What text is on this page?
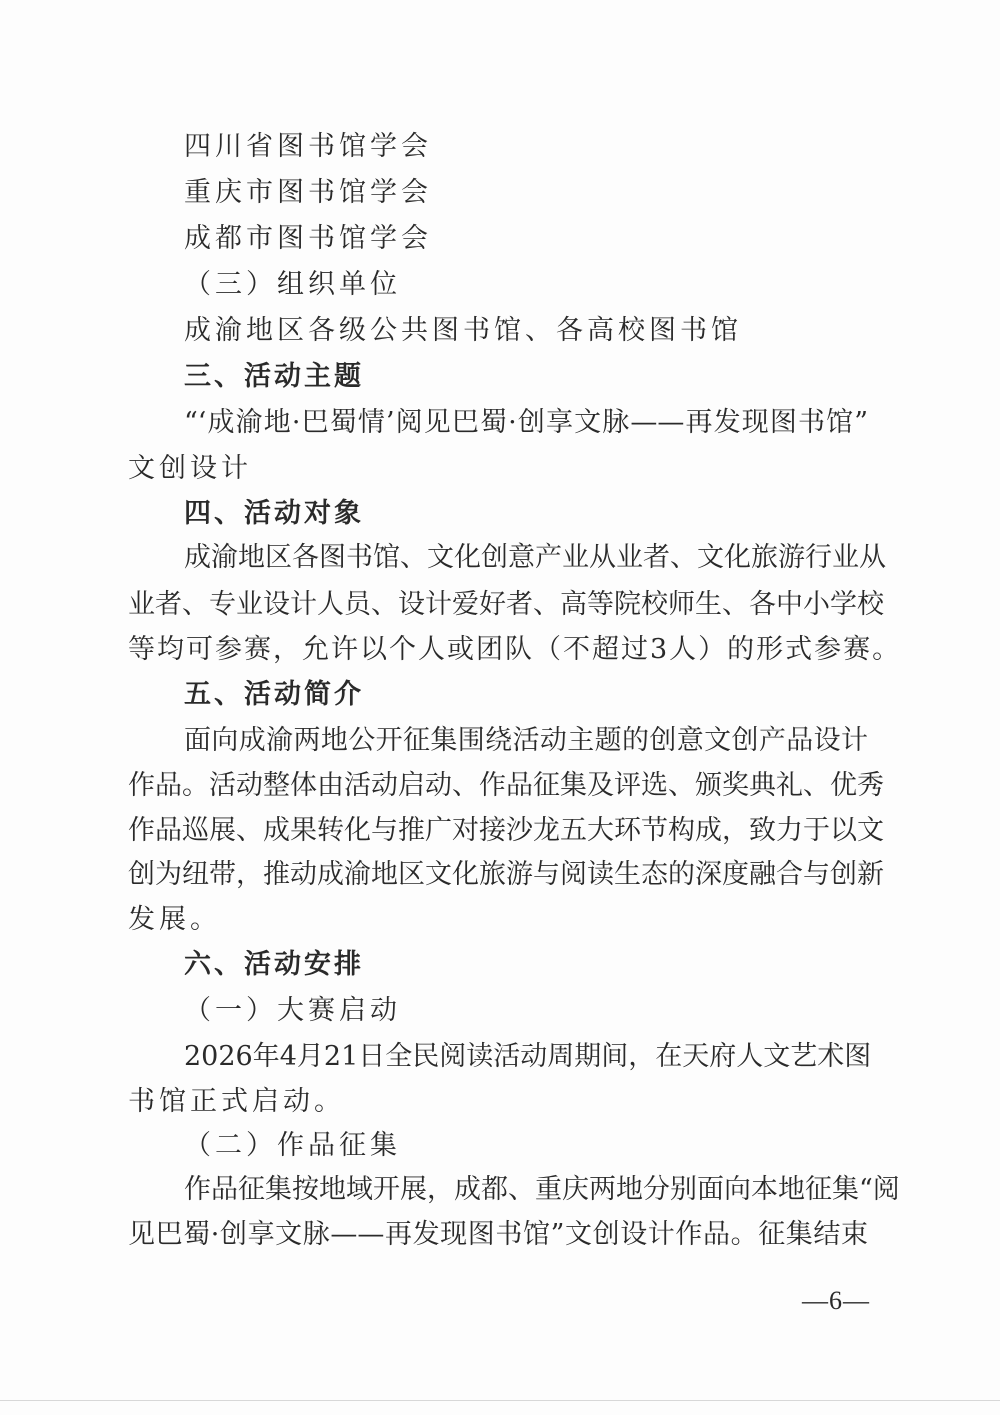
四川省图书馆学会
重庆市图书馆学会
成都市图书馆学会
（三）组织单位
成渝地区各级公共图书馆、各高校图书馆
三、活动主题
“‘成渝地·巴蜀情’阅见巴蜀·创享文脉——再发现图书馆”
文创设计
四、活动对象
成渝地区各图书馆、文化创意产业从业者、文化旅游行业从
业者、专业设计人员、设计爱好者、高等院校师生、各中小学校
等均可参赛，允许以个人或团队（不超过3人）的形式参赛。
五、活动简介
面向成渝两地公开征集围绕活动主题的创意文创产品设计
作品。活动整体由活动启动、作品征集及评选、颁奖典礼、优秀
作品巡展、成果转化与推广对接沙龙五大环节构成，致力于以文
创为纽带，推动成渝地区文化旅游与阅读生态的深度融合与创新
发展。
六、活动安排
（一）大赛启动
2026年4月21日全民阅读活动周期间，在天府人文艺术图
书馆正式启动。
（二）作品征集
作品征集按地域开展，成都、重庆两地分别面向本地征集“阅
见巴蜀·创享文脉——再发现图书馆”文创设计作品。征集结束
—6—
